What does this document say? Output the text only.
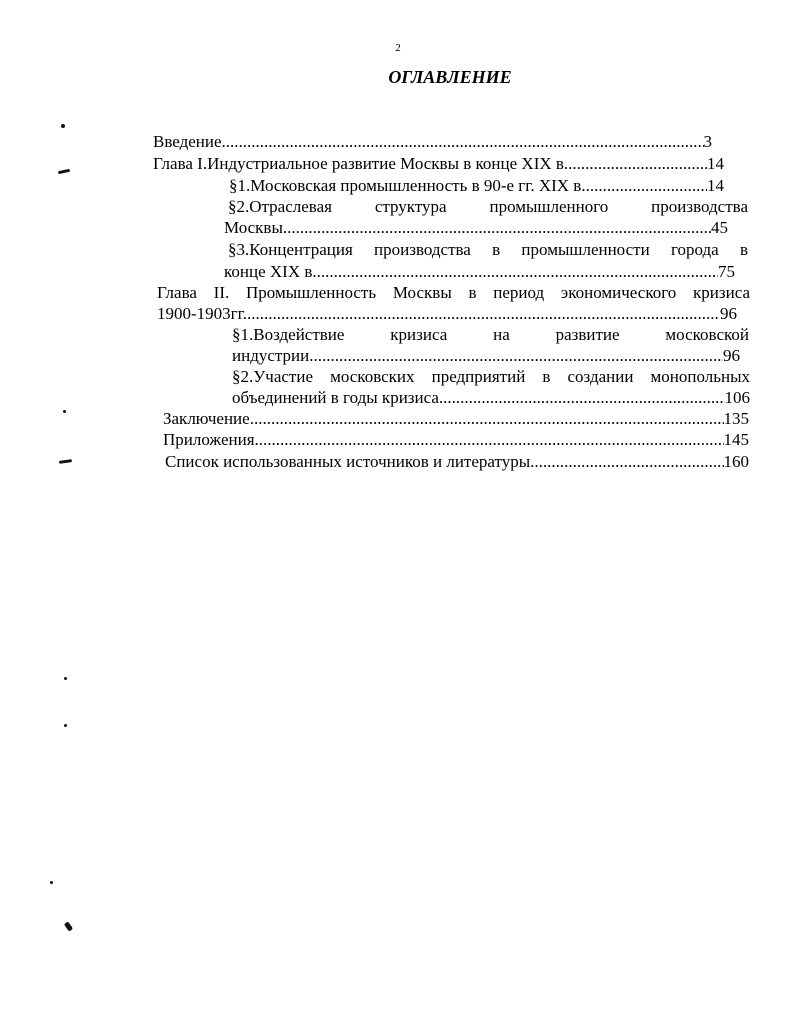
2
ОГЛАВЛЕНИЕ
Введение .....	3
Глава I.Индустриальное развитие Москвы в конце XIX в. .....	14
§1.Московская промышленность в 90-е гг. XIX в. .....	14
§2.Отраслевая структура промышленного производства
Москвы .....	45
§3.Концентрация производства в промышленности города в
конце XIX в. .....	75
Глава II. Промышленность Москвы в период экономического кризиса
1900-1903гг. .....	96
§1.Воздействие кризиса на развитие московской
индустрии .....	96
§2.Участие московских предприятий в создании монопольных
объединений в годы кризиса .....	106
Заключение .....	135
Приложения .....	145
Список использованных источников и литературы .....	160
